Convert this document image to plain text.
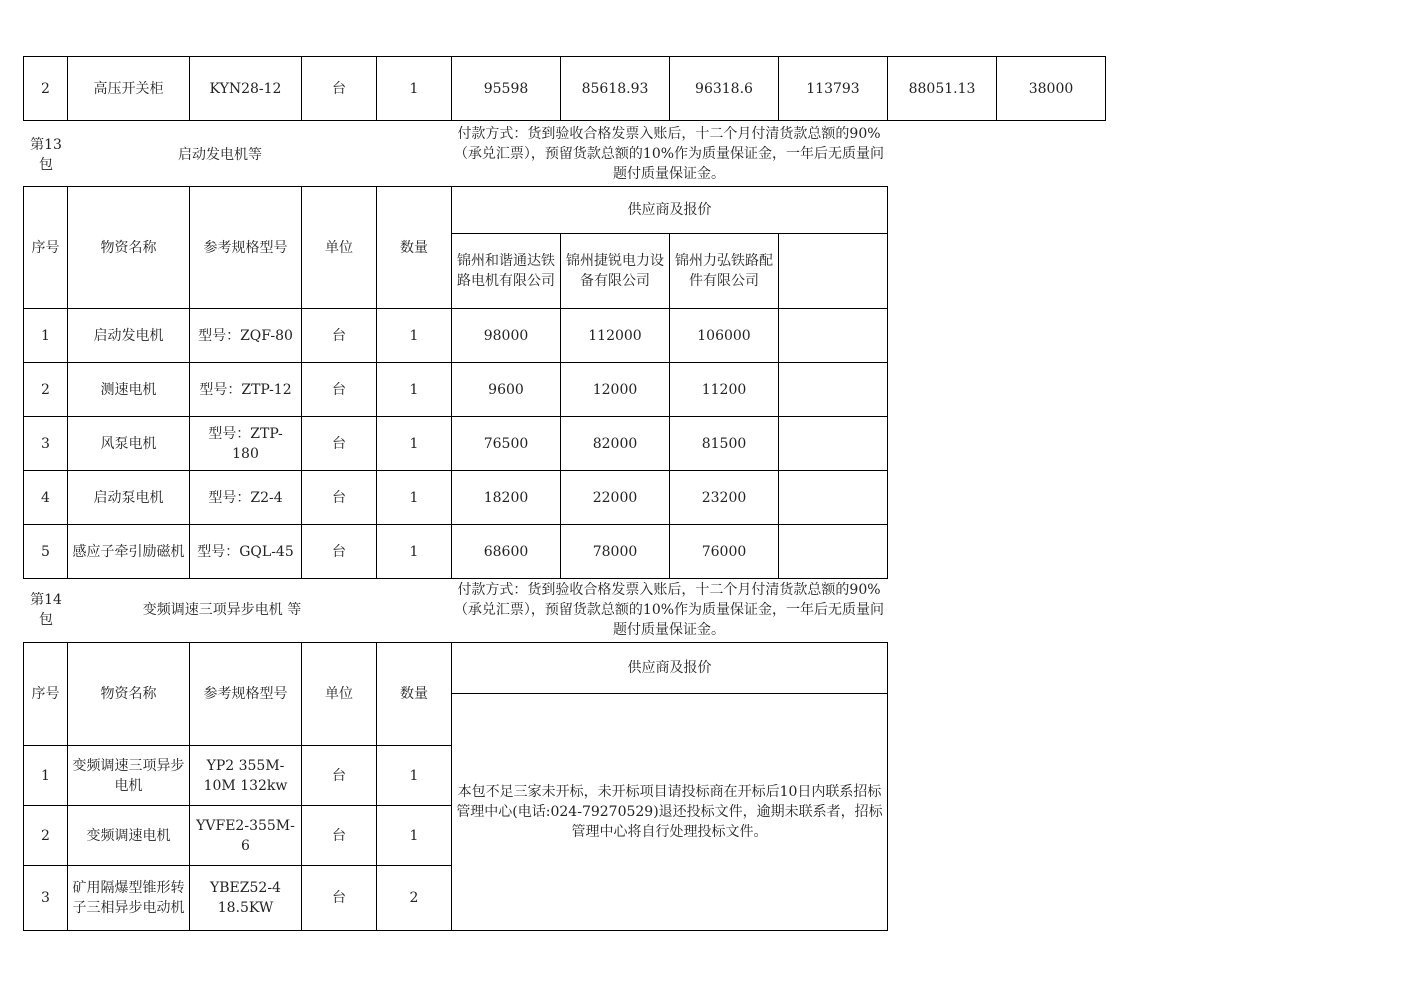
2	高压开关柜	KYN28-12	台	1	95598	85618.93	96318.6	113793	88051.13	38000
第13包
启动发电机等
付款方式：货到验收合格发票入账后，十二个月付清货款总额的90%（承兑汇票），预留货款总额的10%作为质量保证金，一年后无质量问题付质量保证金。
序号	物资名称	参考规格型号	单位	数量	供应商及报价			
					锦州和谐通达铁路电机有限公司	锦州捷锐电力设备有限公司	锦州力弘铁路配件有限公司	
1	启动发电机	型号：ZQF-80	台	1	98000	112000	106000	
2	测速电机	型号：ZTP-12	台	1	9600	12000	11200	
3	风泵电机	型号：ZTP-180	台	1	76500	82000	81500	
4	启动泵电机	型号：Z2-4	台	1	18200	22000	23200	
5	感应子牵引励磁机	型号：GQL-45	台	1	68600	78000	76000	
第14包
变频调速三项异步电机 等
付款方式：货到验收合格发票入账后，十二个月付清货款总额的90%（承兑汇票），预留货款总额的10%作为质量保证金，一年后无质量问题付质量保证金。
序号	物资名称	参考规格型号	单位	数量	供应商及报价
					本包不足三家未开标，未开标项目请投标商在开标后10日内联系招标管理中心(电话:024-79270529)退还投标文件，逾期未联系者，招标管理中心将自行处理投标文件。
1	变频调速三项异步电机	YP2 355M-10M 132kw	台	1	
2	变频调速电机	YVFE2-355M-6	台	1	
3	矿用隔爆型锥形转子三相异步电动机	YBEZ52-4 18.5KW	台	2	
